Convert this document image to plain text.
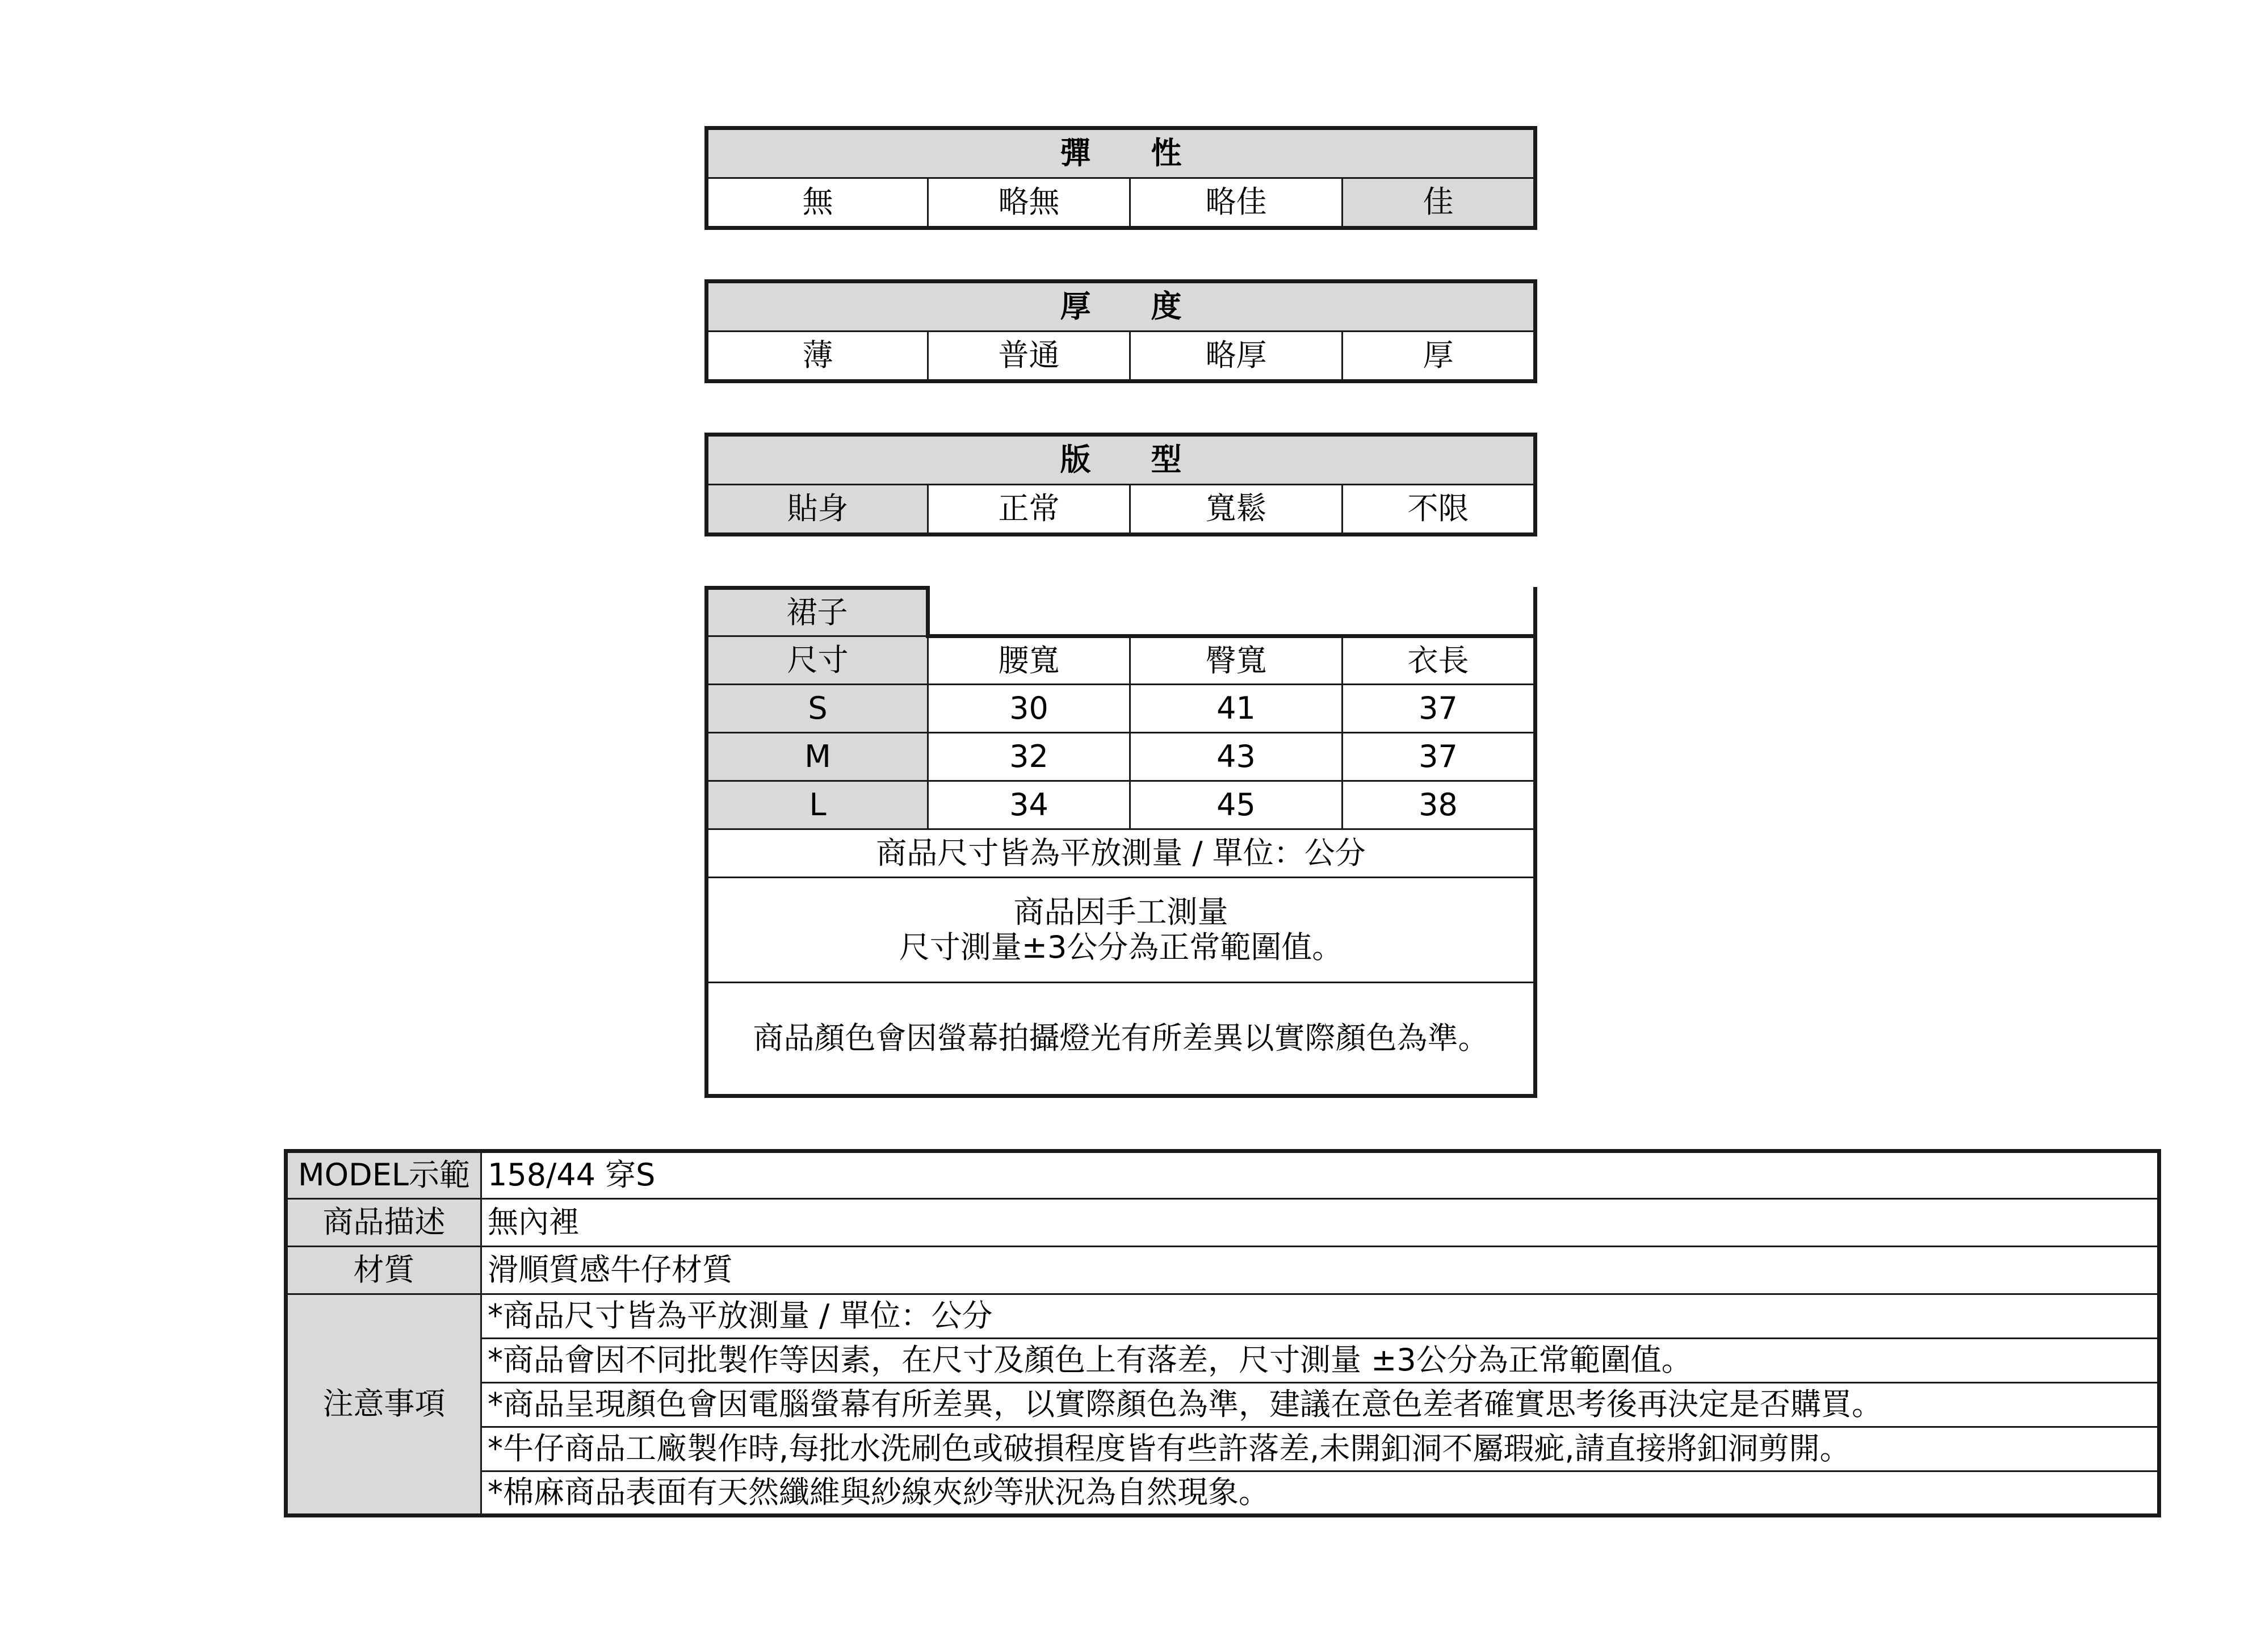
彈　性
無	略無	略佳	佳
厚　度
薄	普通	略厚	厚
版　型
貼身	正常	寬鬆	不限
裙子			
尺寸	腰寬	臀寬	衣長
S	30	41	37
M	32	43	37
L	34	45	38
商品尺寸皆為平放測量 / 單位：公分			

商品因手工測量
尺寸測量±3公分為正常範圍值。			

商品顏色會因螢幕拍攝燈光有所差異以實際顏色為準。			
MODEL示範	158/44 穿S
商品描述	無內裡
材質	滑順質感牛仔材質
注意事項	*商品尺寸皆為平放測量 / 單位：公分
	*商品會因不同批製作等因素，在尺寸及顏色上有落差，尺寸測量 ±3公分為正常範圍值。
	*商品呈現顏色會因電腦螢幕有所差異，以實際顏色為準，建議在意色差者確實思考後再決定是否購買。
	*牛仔商品工廠製作時,每批水洗刷色或破損程度皆有些許落差,未開釦洞不屬瑕疵,請直接將釦洞剪開。
	*棉麻商品表面有天然纖維與紗線夾紗等狀況為自然現象。
